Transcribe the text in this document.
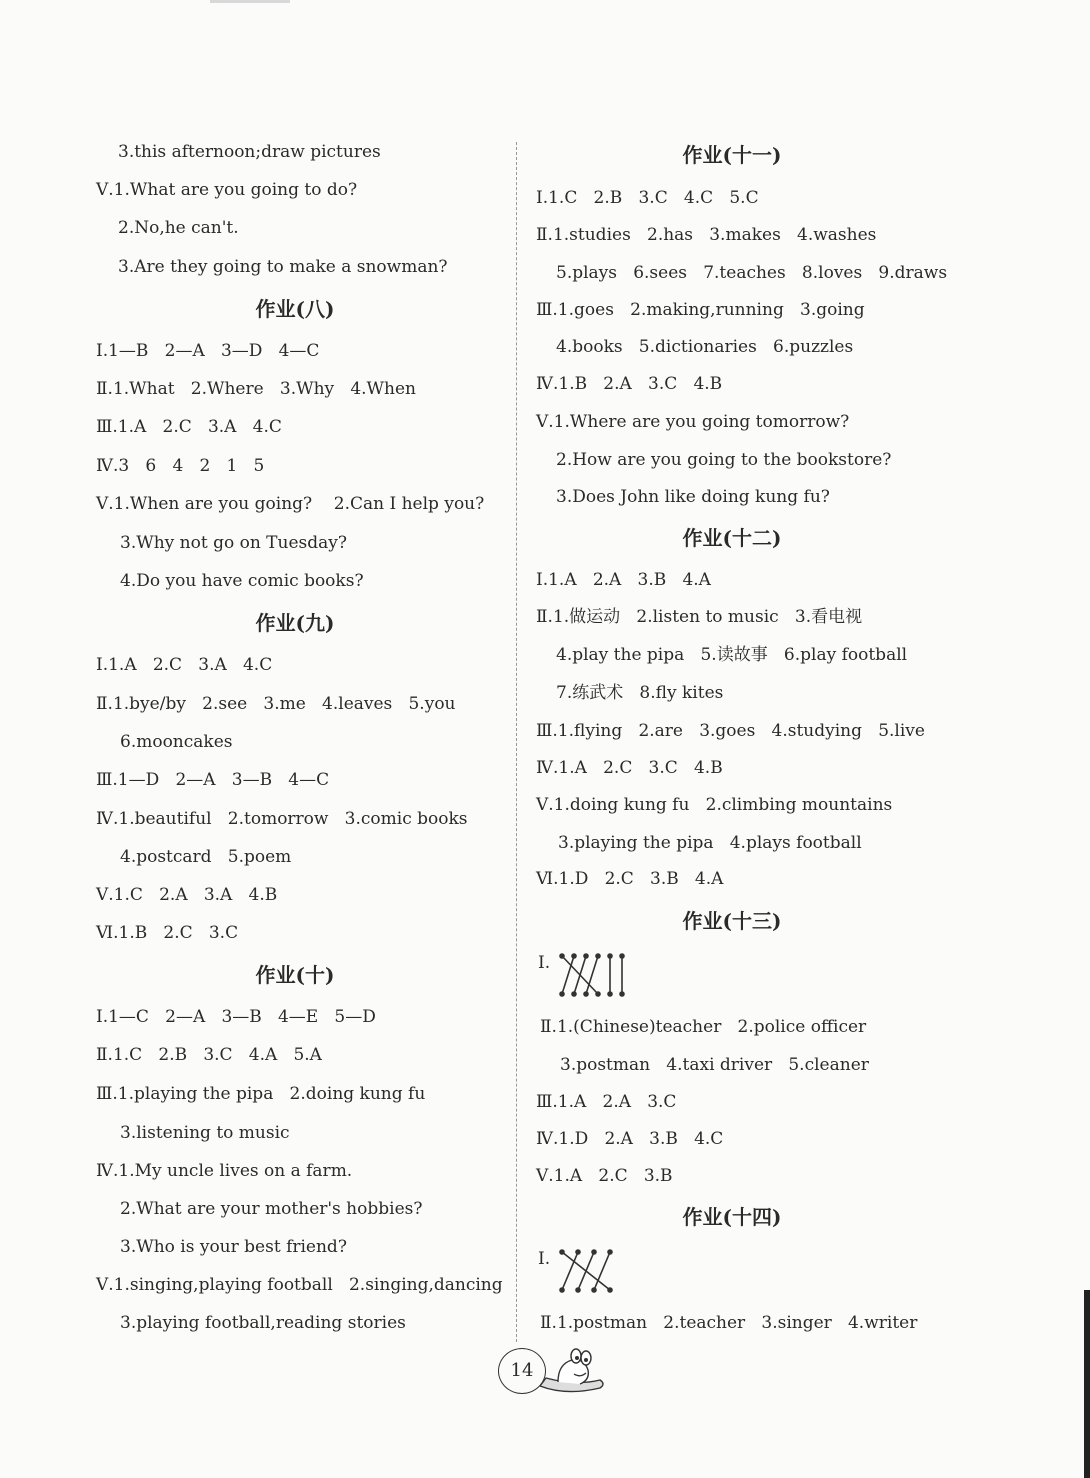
3.this afternoon;draw pictures
Ⅴ.1.What are you going to do?
2.No,he can't.
3.Are they going to make a snowman?
作业(八)
Ⅰ.1—B   2—A   3—D   4—C
Ⅱ.1.What   2.Where   3.Why   4.When
Ⅲ.1.A   2.C   3.A   4.C
Ⅳ.3   6   4   2   1   5
Ⅴ.1.When are you going?    2.Can I help you?
3.Why not go on Tuesday?
4.Do you have comic books?
作业(九)
Ⅰ.1.A   2.C   3.A   4.C
Ⅱ.1.bye/by   2.see   3.me   4.leaves   5.you
6.mooncakes
Ⅲ.1—D   2—A   3—B   4—C
Ⅳ.1.beautiful   2.tomorrow   3.comic books
4.postcard   5.poem
Ⅴ.1.C   2.A   3.A   4.B
Ⅵ.1.B   2.C   3.C
作业(十)
Ⅰ.1—C   2—A   3—B   4—E   5—D
Ⅱ.1.C   2.B   3.C   4.A   5.A
Ⅲ.1.playing the pipa   2.doing kung fu
3.listening to music
Ⅳ.1.My uncle lives on a farm.
2.What are your mother's hobbies?
3.Who is your best friend?
Ⅴ.1.singing,playing football   2.singing,dancing
3.playing football,reading stories
作业(十一)
Ⅰ.1.C   2.B   3.C   4.C   5.C
Ⅱ.1.studies   2.has   3.makes   4.washes
5.plays   6.sees   7.teaches   8.loves   9.draws
Ⅲ.1.goes   2.making,running   3.going
4.books   5.dictionaries   6.puzzles
Ⅳ.1.B   2.A   3.C   4.B
Ⅴ.1.Where are you going tomorrow?
2.How are you going to the bookstore?
3.Does John like doing kung fu?
作业(十二)
Ⅰ.1.A   2.A   3.B   4.A
Ⅱ.1.做运动   2.listen to music   3.看电视
4.play the pipa   5.读故事   6.play football
7.练武术   8.fly kites
Ⅲ.1.flying   2.are   3.goes   4.studying   5.live
Ⅳ.1.A   2.C   3.C   4.B
Ⅴ.1.doing kung fu   2.climbing mountains
3.playing the pipa   4.plays football
Ⅵ.1.D   2.C   3.B   4.A
作业(十三)
Ⅰ.
Ⅱ.1.(Chinese)teacher   2.police officer
3.postman   4.taxi driver   5.cleaner
Ⅲ.1.A   2.A   3.C
Ⅳ.1.D   2.A   3.B   4.C
Ⅴ.1.A   2.C   3.B
作业(十四)
Ⅰ.
Ⅱ.1.postman   2.teacher   3.singer   4.writer
14
